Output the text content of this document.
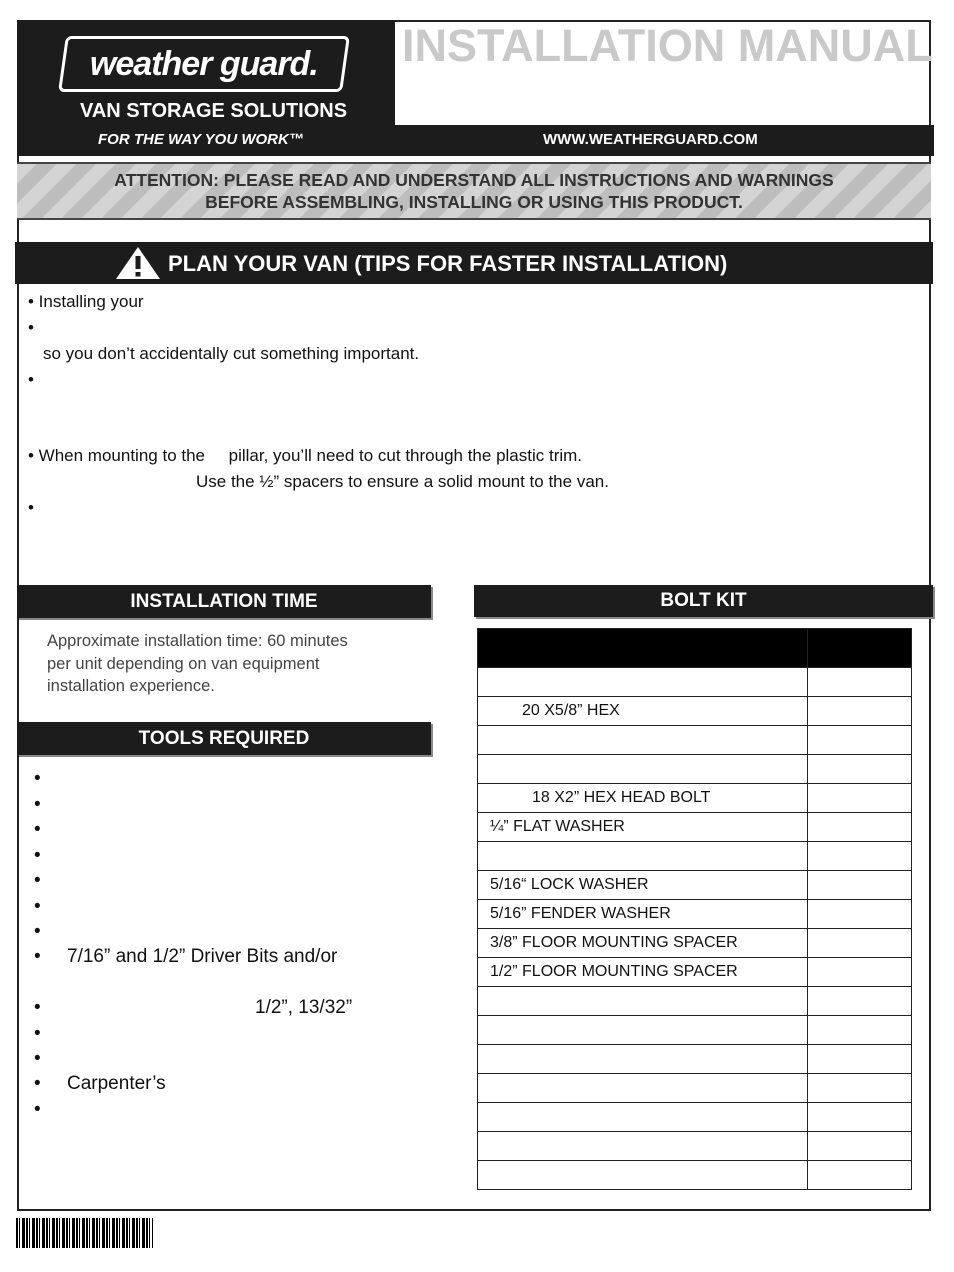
weather guard.
VAN STORAGE SOLUTIONS
FOR THE WAY YOU WORK™
INSTALLATION MANUAL
WWW.WEATHERGUARD.COM
ATTENTION: PLEASE READ AND UNDERSTAND ALL INSTRUCTIONS AND WARNINGS
BEFORE ASSEMBLING, INSTALLING OR USING THIS PRODUCT.
PLAN YOUR VAN (TIPS FOR FASTER INSTALLATION)
• Installing your
•
so you don’t accidentally cut something important.
•
• When mounting to the     pillar, you’ll need to cut through the plastic trim.
Use the ½” spacers to ensure a solid mount to the van.
•
INSTALLATION TIME
Approximate installation time: 60 minutes
per unit depending on van equipment
installation experience.
TOOLS REQUIRED
•
•
•
•
•
•
•
• 7/16” and 1/2” Driver Bits and/or
•	1/2”, 13/32”
•
•
• Carpenter’s
•
BOLT KIT

20 X5/8” HEX	

18 X2” HEX HEAD BOLT	
¼” FLAT WASHER	

5/16“ LOCK WASHER	
5/16” FENDER WASHER	
3/8” FLOOR MOUNTING SPACER	
1/2” FLOOR MOUNTING SPACER	
